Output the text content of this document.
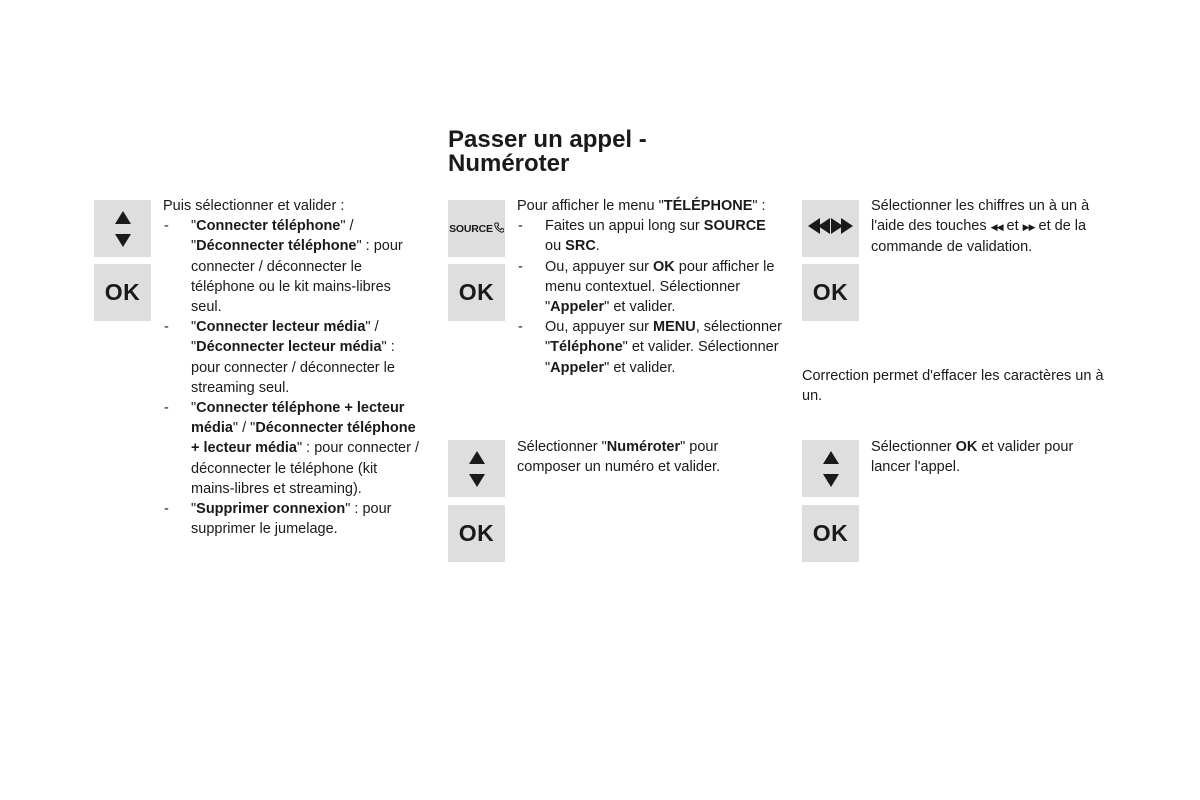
Passer un appel -
Numéroter
OK

Puis sélectionner et valider :

- "Connecter téléphone" / "Déconnecter téléphone" : pour connecter / déconnecter le téléphone ou le kit mains-libres seul.
- "Connecter lecteur média" / "Déconnecter lecteur média" : pour connecter / déconnecter le streaming seul.
- "Connecter téléphone + lecteur média" / "Déconnecter téléphone + lecteur média" : pour connecter / déconnecter le téléphone (kit mains-libres et streaming).
- "Supprimer connexion" : pour supprimer le jumelage.
SOURCE
OK
OK

Pour afficher le menu "TÉLÉPHONE" :

- Faites un appui long sur SOURCE ou SRC.
- Ou, appuyer sur OK pour afficher le menu contextuel. Sélectionner "Appeler" et valider.
- Ou, appuyer sur MENU, sélectionner "Téléphone" et valider. Sélectionner "Appeler" et valider.

Sélectionner "Numéroter" pour composer un numéro et valider.

OK
OK

Sélectionner les chiffres un à un à l'aide des touches ◀◀ et ▶▶ et de la commande de validation.

Correction permet d'effacer les caractères un à un.

Sélectionner OK et valider pour lancer l'appel.
